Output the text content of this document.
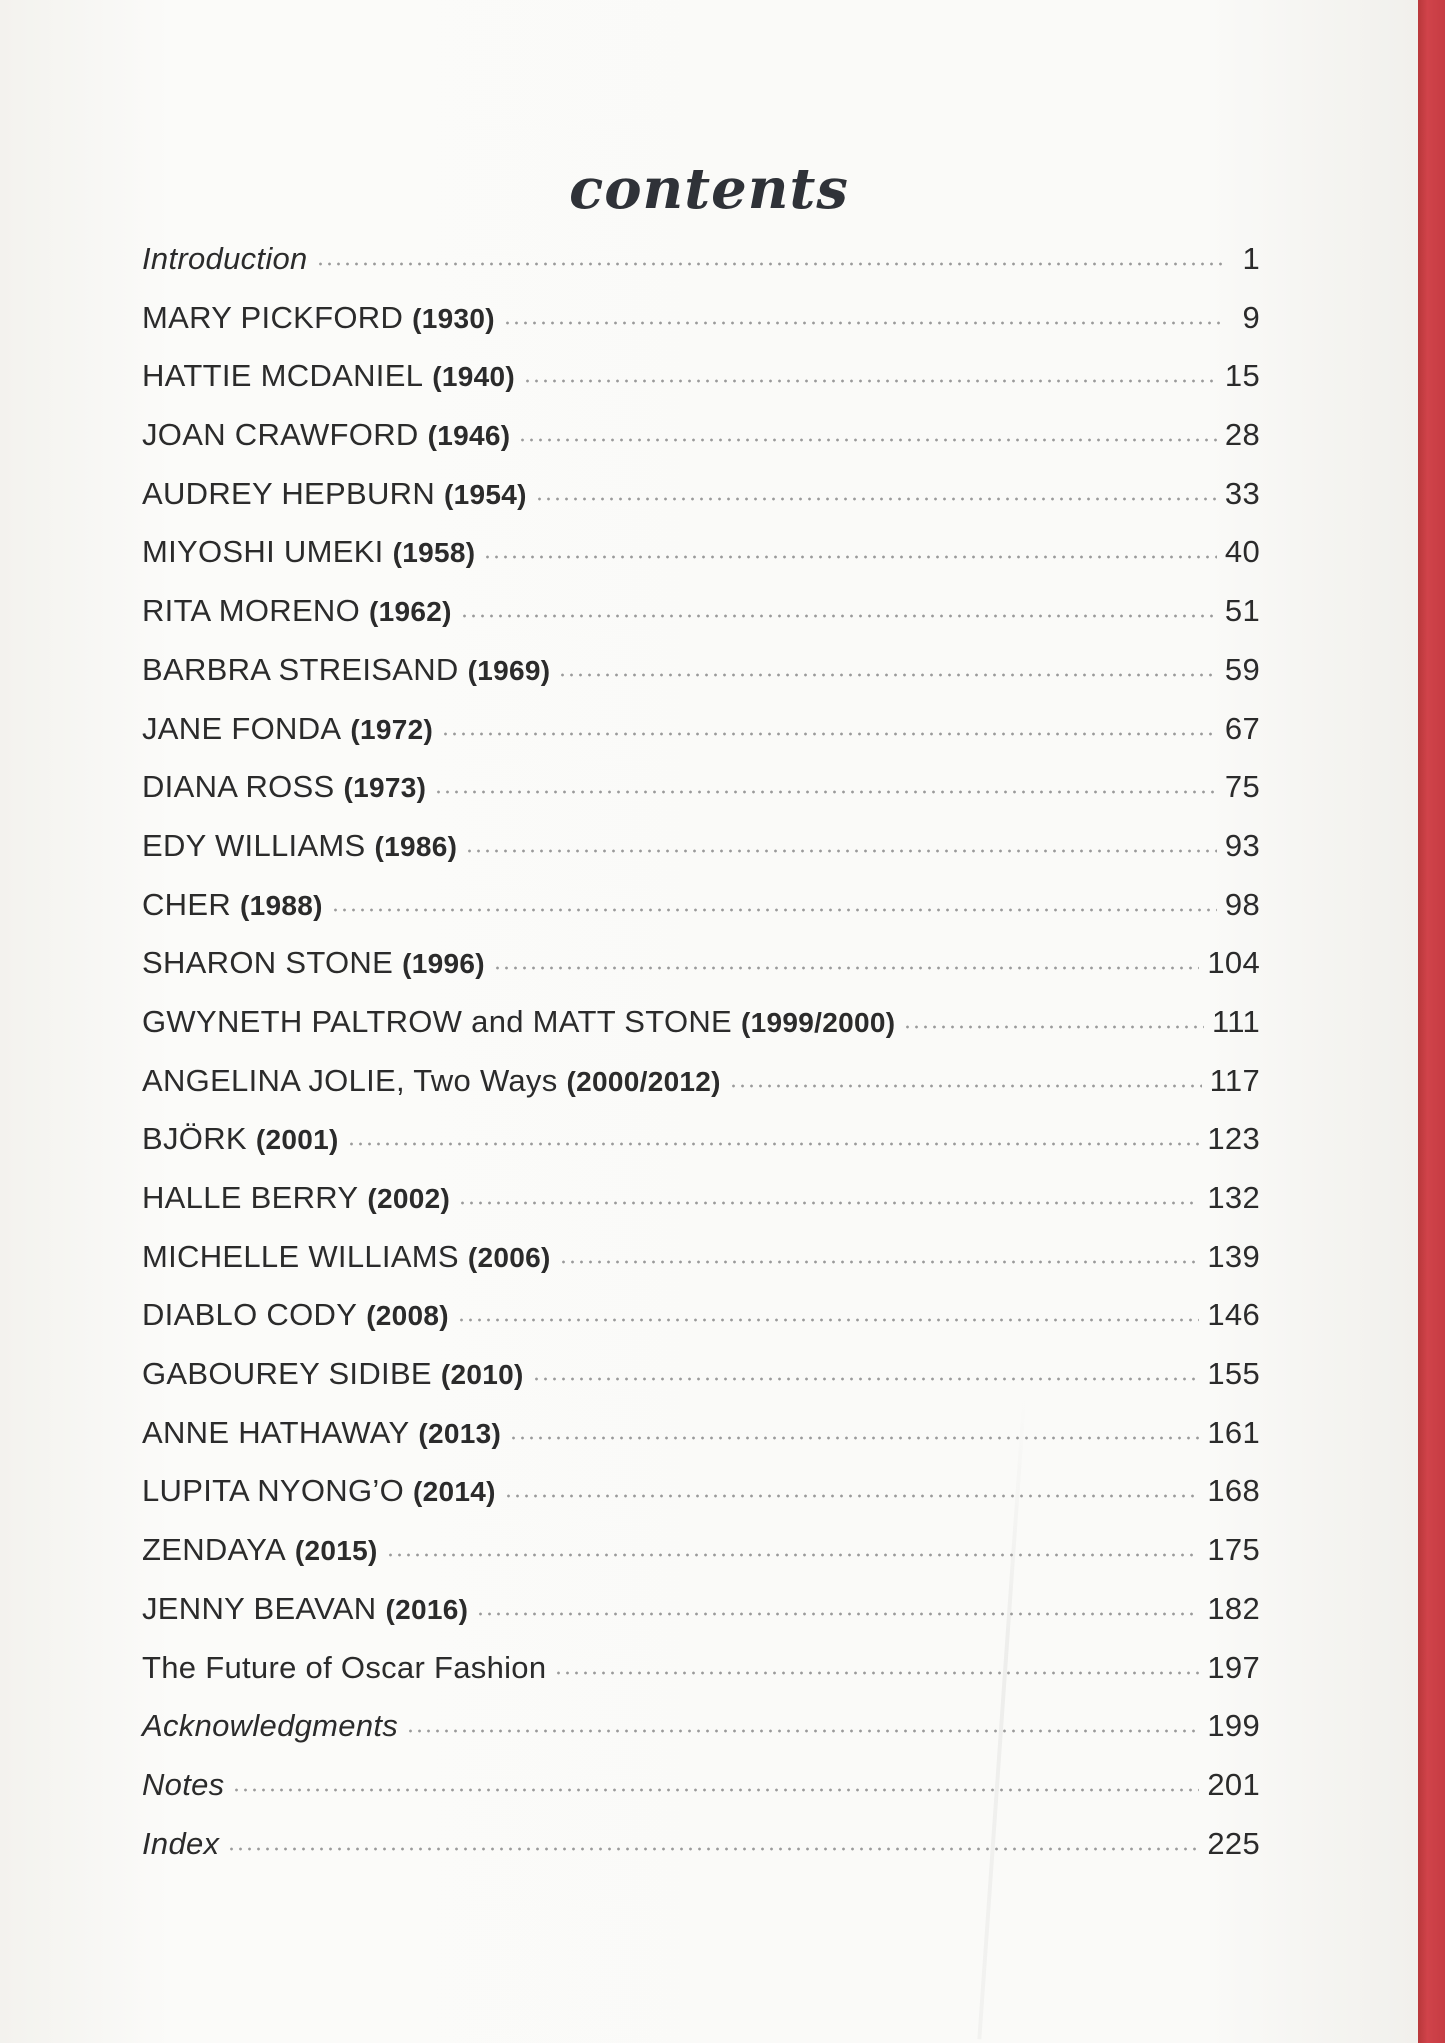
contents
Introduction	1
MARY PICKFORD (1930)	9
HATTIE MCDANIEL (1940)	15
JOAN CRAWFORD (1946)	28
AUDREY HEPBURN (1954)	33
MIYOSHI UMEKI (1958)	40
RITA MORENO (1962)	51
BARBRA STREISAND (1969)	59
JANE FONDA (1972)	67
DIANA ROSS (1973)	75
EDY WILLIAMS (1986)	93
CHER (1988)	98
SHARON STONE (1996)	104
GWYNETH PALTROW and MATT STONE (1999/2000)	111
ANGELINA JOLIE, Two Ways (2000/2012)	117
BJÖRK (2001)	123
HALLE BERRY (2002)	132
MICHELLE WILLIAMS (2006)	139
DIABLO CODY (2008)	146
GABOUREY SIDIBE (2010)	155
ANNE HATHAWAY (2013)	161
LUPITA NYONG’O (2014)	168
ZENDAYA (2015)	175
JENNY BEAVAN (2016)	182
The Future of Oscar Fashion	197
Acknowledgments	199
Notes	201
Index	225
